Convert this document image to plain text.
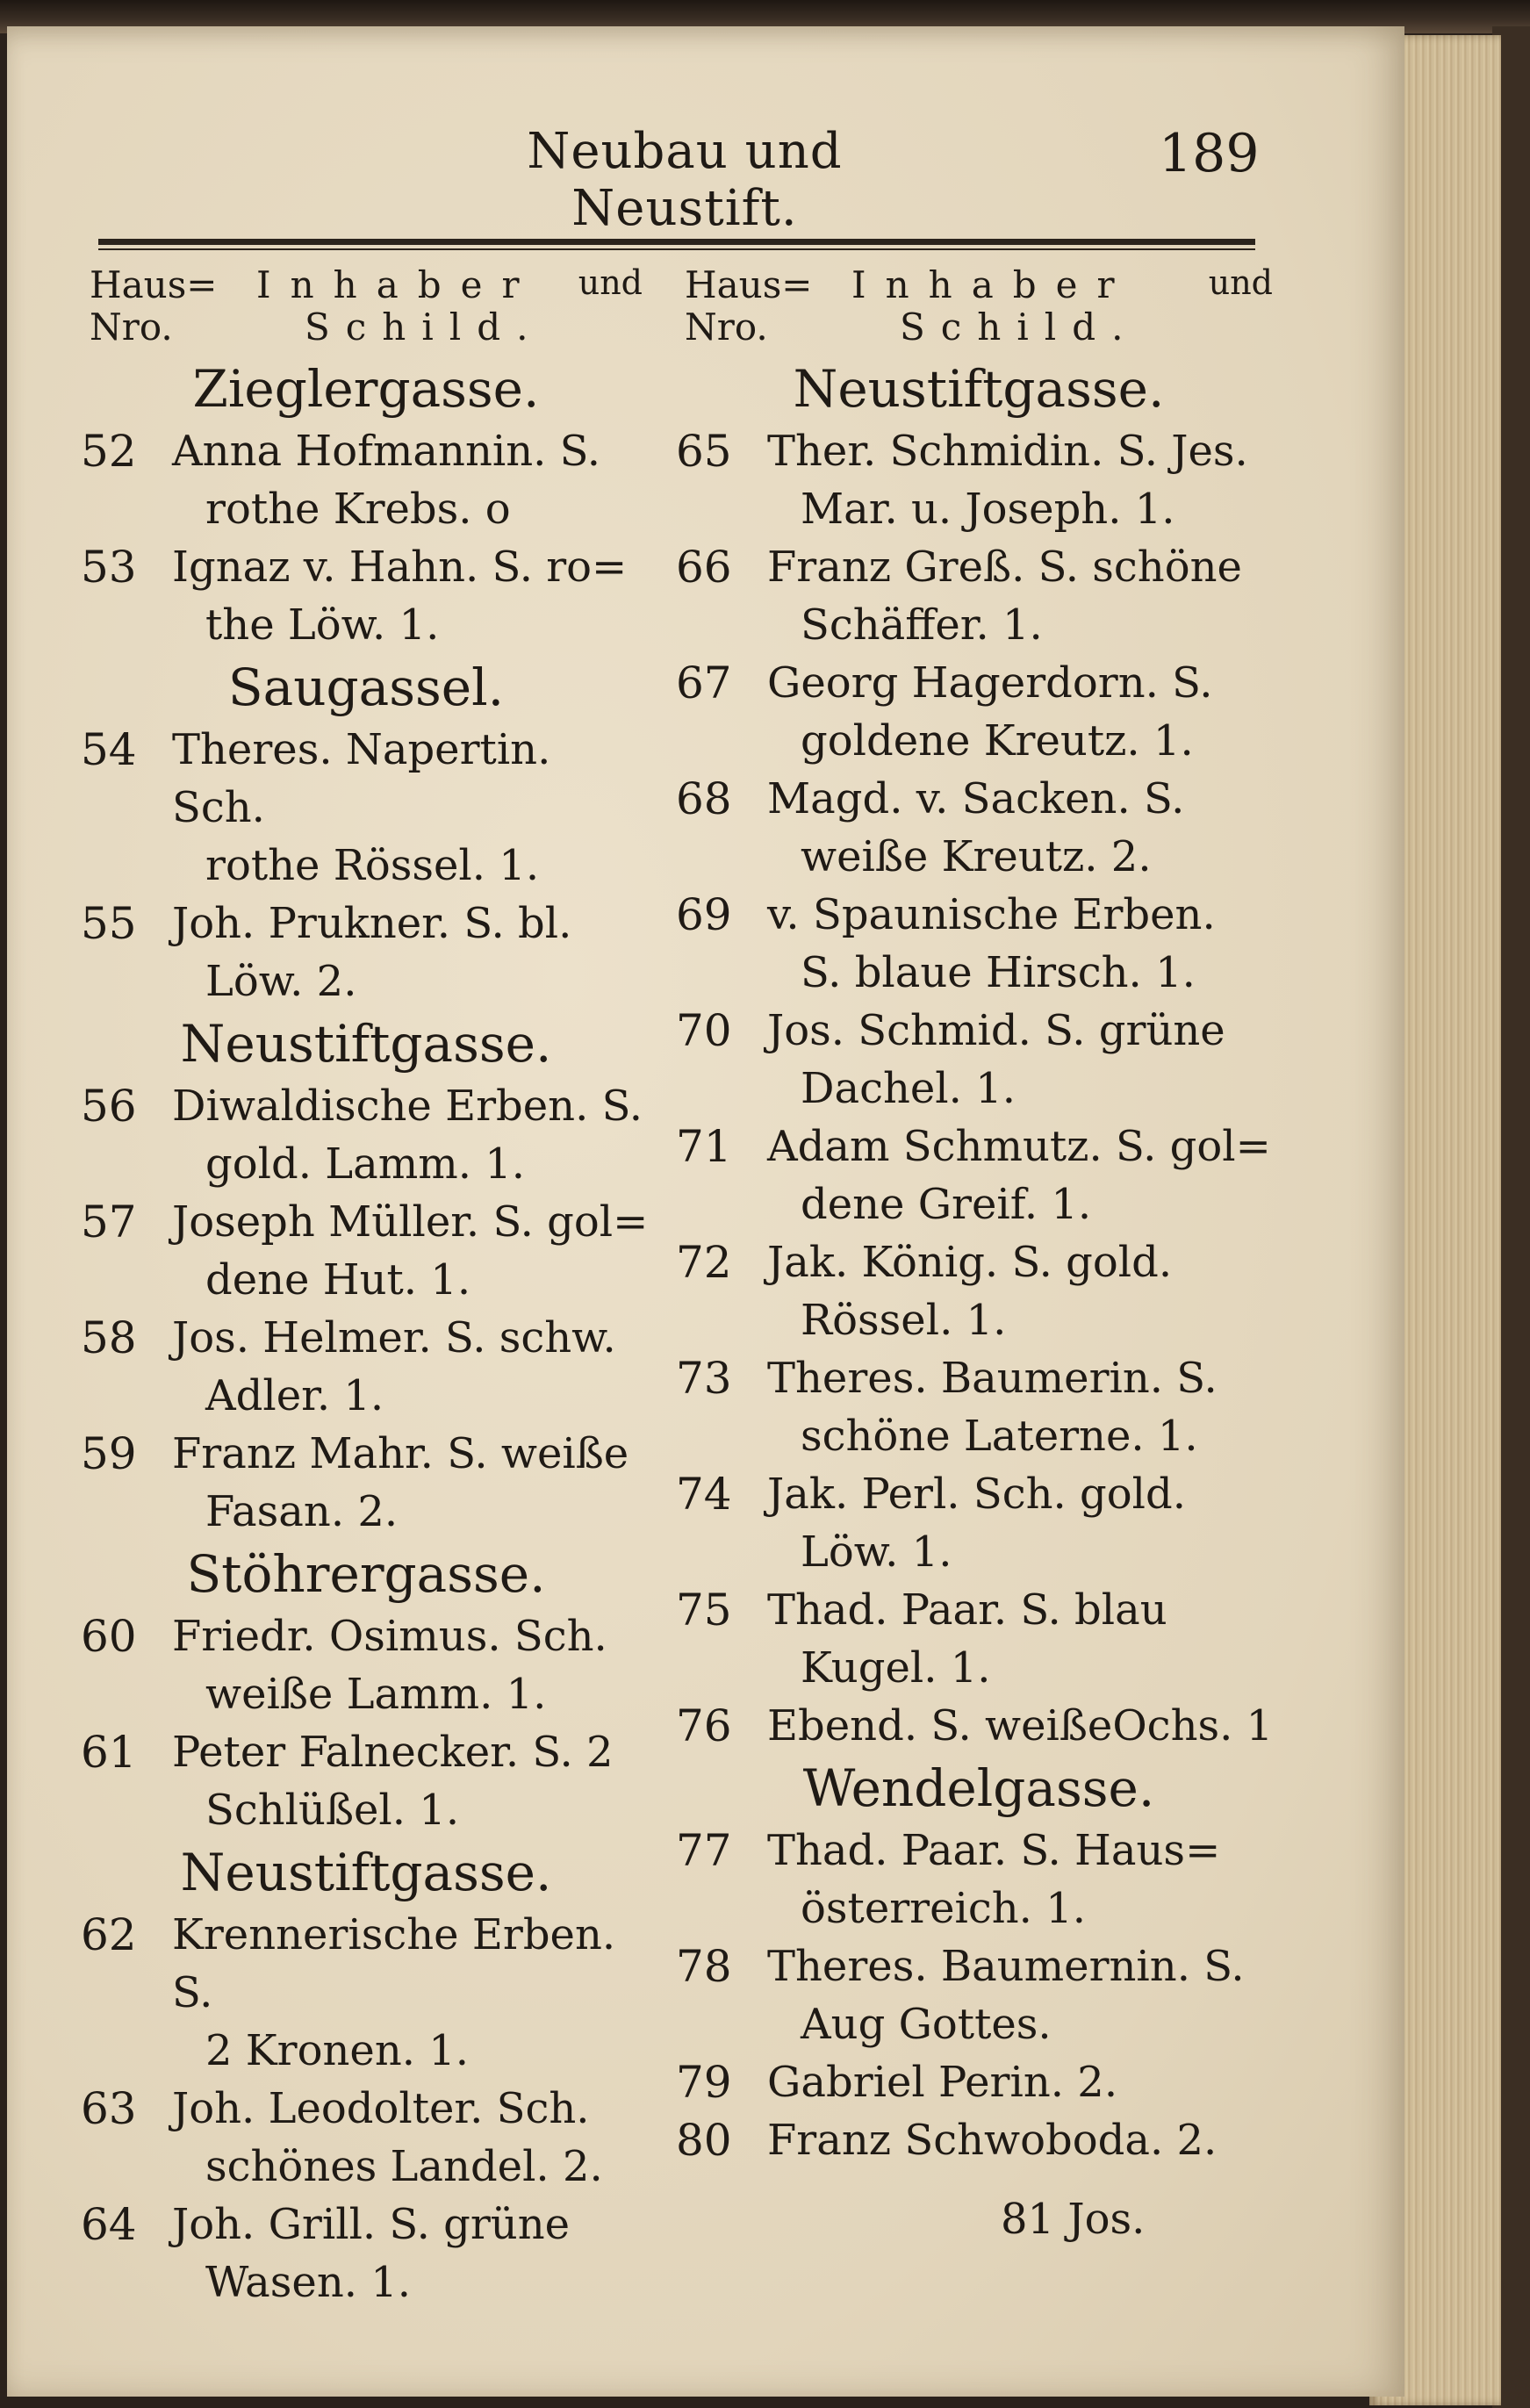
Neubau und Neustift.
189
Haus=
Nro.
Inhaber und
Schild.
Zieglergasse.
52 Anna Hofmannin. S.
rothe Krebs. o
53 Ignaz v. Hahn. S. ro=
the Löw. 1.
Saugassel.
54 Theres. Napertin. Sch.
rothe Rössel. 1.
55 Joh. Prukner. S. bl.
Löw. 2.
Neustiftgasse.
56 Diwaldische Erben. S.
gold. Lamm. 1.
57 Joseph Müller. S. gol=
dene Hut. 1.
58 Jos. Helmer. S. schw.
Adler. 1.
59 Franz Mahr. S. weiße
Fasan. 2.
Stöhrergasse.
60 Friedr. Osimus. Sch.
weiße Lamm. 1.
61 Peter Falnecker. S. 2
Schlüßel. 1.
Neustiftgasse.
62 Krennerische Erben. S.
2 Kronen. 1.
63 Joh. Leodolter. Sch.
schönes Landel. 2.
64 Joh. Grill. S. grüne
Wasen. 1.
Haus=
Nro.
Inhaber und
Schild.
Neustiftgasse.
65 Ther. Schmidin. S. Jes.
Mar. u. Joseph. 1.
66 Franz Greß. S. schöne
Schäffer. 1.
67 Georg Hagerdorn. S.
goldene Kreutz. 1.
68 Magd. v. Sacken. S.
weiße Kreutz. 2.
69 v. Spaunische Erben.
S. blaue Hirsch. 1.
70 Jos. Schmid. S. grüne
Dachel. 1.
71 Adam Schmutz. S. gol=
dene Greif. 1.
72 Jak. König. S. gold.
Rössel. 1.
73 Theres. Baumerin. S.
schöne Laterne. 1.
74 Jak. Perl. Sch. gold.
Löw. 1.
75 Thad. Paar. S. blau
Kugel. 1.
76 Ebend. S. weißeOchs. 1
Wendelgasse.
77 Thad. Paar. S. Haus=
österreich. 1.
78 Theres. Baumernin. S.
Aug Gottes.
79 Gabriel Perin. 2.
80 Franz Schwoboda. 2.
81 Jos.
